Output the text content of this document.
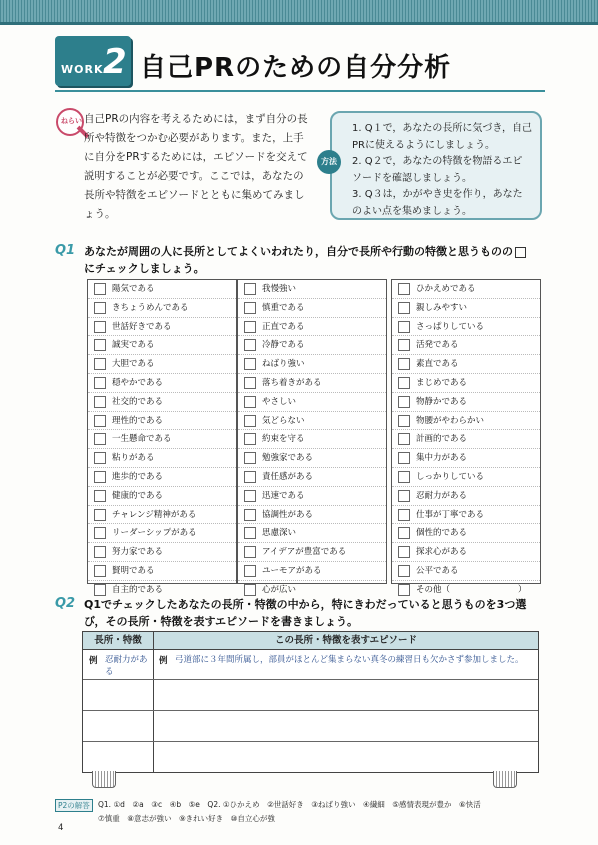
WORK 2 自己PRのための自分分析
ねらい 自己PRの内容を考えるためには，まず自分の長所や特徴をつかむ必要があります。また，上手に自分をPRするためには，エピソードを交えて説明することが必要です。ここでは，あなたの長所や特徴をエピソードとともに集めてみましょう。
方法
1. Q１で，あなたの長所に気づき，自己PRに使えるようにしましょう。
2. Q２で，あなたの特徴を物語るエピソードを確認しましょう。
3. Q３は，かがやき史を作り，あなたのよい点を集めましょう。
Q1 あなたが周囲の人に長所としてよくいわれたり，自分で長所や行動の特徴と思うものの
にチェックしましょう。
陽気である
きちょうめんである
世話好きである
誠実である
大胆である
穏やかである
社交的である
理性的である
一生懸命である
粘りがある
進歩的である
健康的である
チャレンジ精神がある
リーダーシップがある
努力家である
賢明である
自主的である
我慢強い
慎重である
正直である
冷静である
ねばり強い
落ち着きがある
やさしい
気どらない
約束を守る
勉強家である
責任感がある
迅速である
協調性がある
思慮深い
アイデアが豊富である
ユーモアがある
心が広い
ひかえめである
親しみやすい
さっぱりしている
活発である
素直である
まじめである
物静かである
物腰がやわらかい
計画的である
集中力がある
しっかりしている
忍耐力がある
仕事が丁寧である
個性的である
探求心がある
公平である
その他（　　　　　　　　）
Q2 Q1でチェックしたあなたの長所・特徴の中から，特にきわだっていると思うものを3つ選
び，その長所・特徴を表すエピソードを書きましょう。
長所・特徴	この長所・特徴を表すエピソード
例 忍耐力がある
例 弓道部に３年間所属し，部員がほとんど集まらない真冬の練習日も欠かさず参加しました。
P2の解答	Q1. ①d　②a　③c　④b　⑤e　Q2. ①ひかえめ　②世話好き　③ねばり強い　④繊細　⑤感情表現が豊か　⑥快活
⑦慎重　⑧意志が強い　⑨きれい好き　⑩自立心が強
4
